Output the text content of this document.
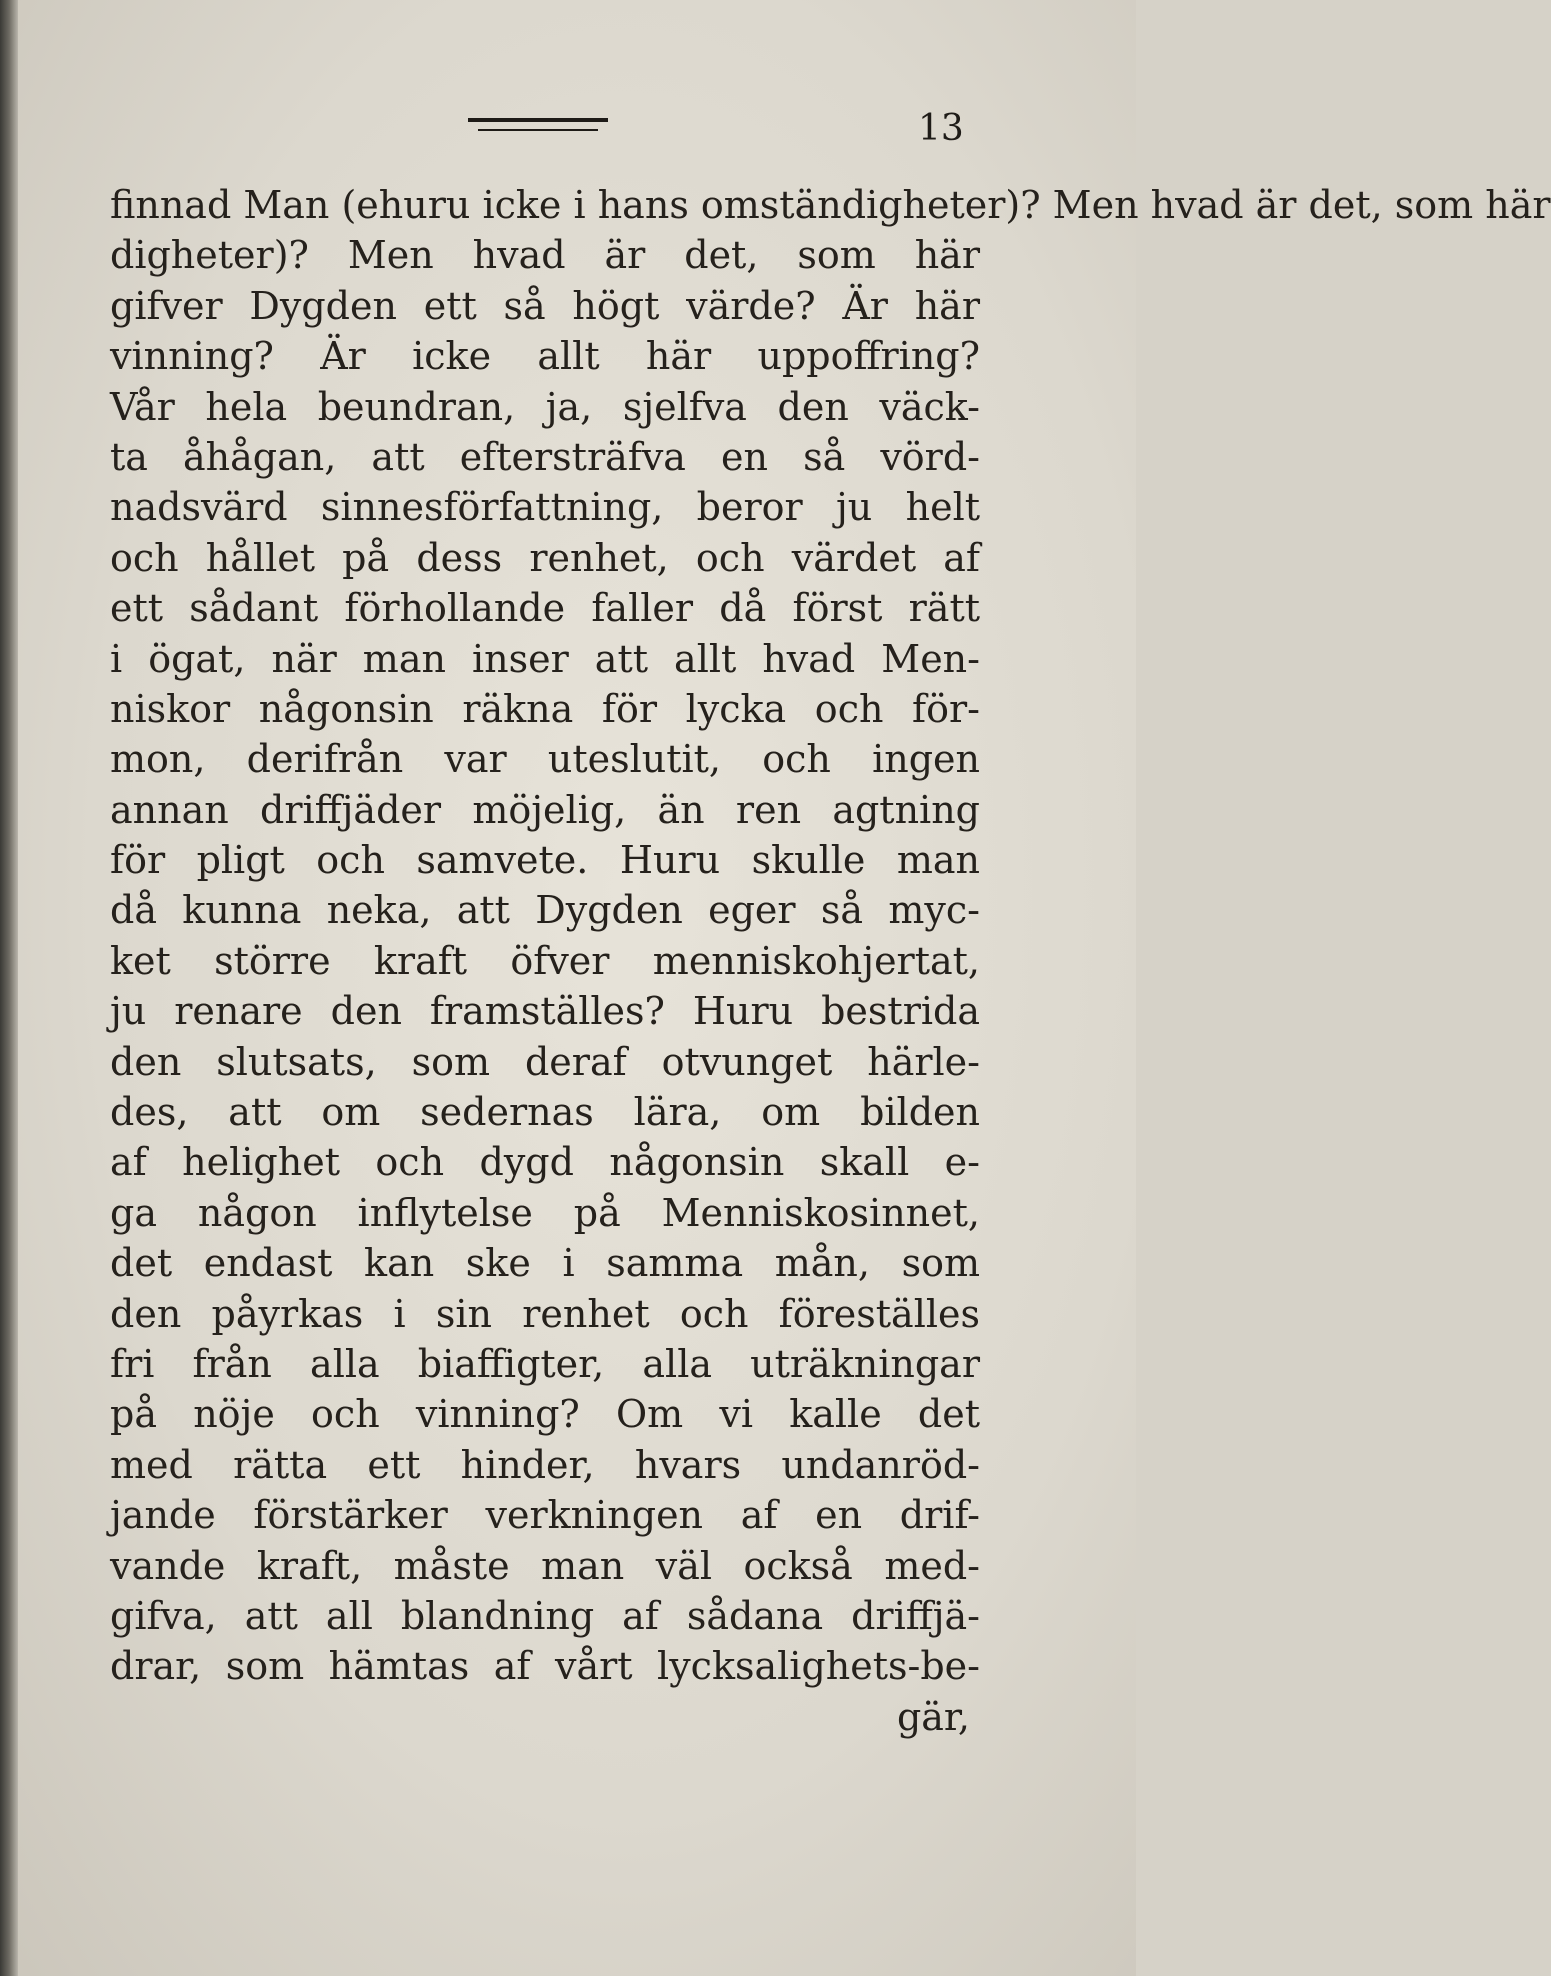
13
finnad Man (ehuru icke i hans omständigheter)? Men hvad är det, som här
digheter)? Men hvad är det, som här
gifver Dygden ett så högt värde? Är här
vinning? Är icke allt här uppoffring?
Vår hela beundran, ja, sjelfva den väck-
ta åhågan, att eftersträfva en så vörd-
nadsvärd sinnesförfattning, beror ju helt
och hållet på dess renhet, och värdet af
ett sådant förhollande faller då först rätt
i ögat, när man inser att allt hvad Men-
niskor någonsin räkna för lycka och för-
mon, derifrån var uteslutit, och ingen
annan driffjäder möjelig, än ren agtning
för pligt och samvete. Huru skulle man
då kunna neka, att Dygden eger så myc-
ket större kraft öfver menniskohjertat,
ju renare den framställes? Huru bestrida
den slutsats, som deraf otvunget härle-
des, att om sedernas lära, om bilden
af helighet och dygd någonsin skall e-
ga någon inflytelse på Menniskosinnet,
det endast kan ske i samma mån, som
den påyrkas i sin renhet och föreställes
fri från alla biaffigter, alla uträkningar
på nöje och vinning? Om vi kalle det
med rätta ett hinder, hvars undanröd-
jande förstärker verkningen af en drif-
vande kraft, måste man väl också med-
gifva, att all blandning af sådana driffjä-
drar, som hämtas af vårt lycksalighets-be-
gär,
